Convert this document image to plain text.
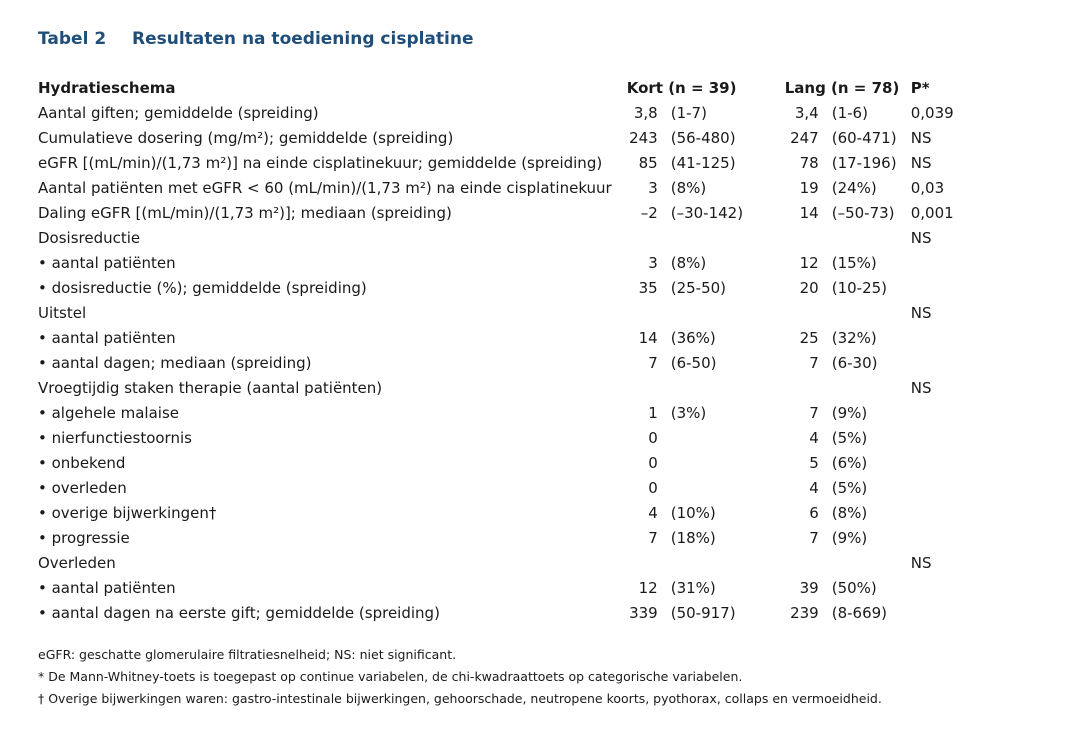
Tabel 2 Resultaten na toediening cisplatine
Hydratieschema	Kort (n = 39)		Lang (n = 78)		P*
Aantal giften; gemiddelde (spreiding)	3,8	(1-7)	3,4	(1-6)	0,039
Cumulatieve dosering (mg/m²); gemiddelde (spreiding)	243	(56-480)	247	(60-471)	NS
eGFR [(mL/min)/(1,73 m²)] na einde cisplatinekuur; gemiddelde (spreiding)	85	(41-125)	78	(17-196)	NS
Aantal patiënten met eGFR < 60 (mL/min)/(1,73 m²) na einde cisplatinekuur	3	(8%)	19	(24%)	0,03
Daling eGFR [(mL/min)/(1,73 m²)]; mediaan (spreiding)	–2	(–30-142)	14	(–50-73)	0,001
Dosisreductie					NS
• aantal patiënten	3	(8%)	12	(15%)	
• dosisreductie (%); gemiddelde (spreiding)	35	(25-50)	20	(10-25)	
Uitstel					NS
• aantal patiënten	14	(36%)	25	(32%)	
• aantal dagen; mediaan (spreiding)	7	(6-50)	7	(6-30)	
Vroegtijdig staken therapie (aantal patiënten)					NS
• algehele malaise	1	(3%)	7	(9%)	
• nierfunctiestoornis	0		4	(5%)	
• onbekend	0		5	(6%)	
• overleden	0		4	(5%)	
• overige bijwerkingen†	4	(10%)	6	(8%)	
• progressie	7	(18%)	7	(9%)	
Overleden					NS
• aantal patiënten	12	(31%)	39	(50%)	
• aantal dagen na eerste gift; gemiddelde (spreiding)	339	(50-917)	239	(8-669)	
eGFR: geschatte glomerulaire filtratiesnelheid; NS: niet significant.
* De Mann-Whitney-toets is toegepast op continue variabelen, de chi-kwadraattoets op categorische variabelen.
† Overige bijwerkingen waren: gastro-intestinale bijwerkingen, gehoorschade, neutropene koorts, pyothorax, collaps en vermoeidheid.
